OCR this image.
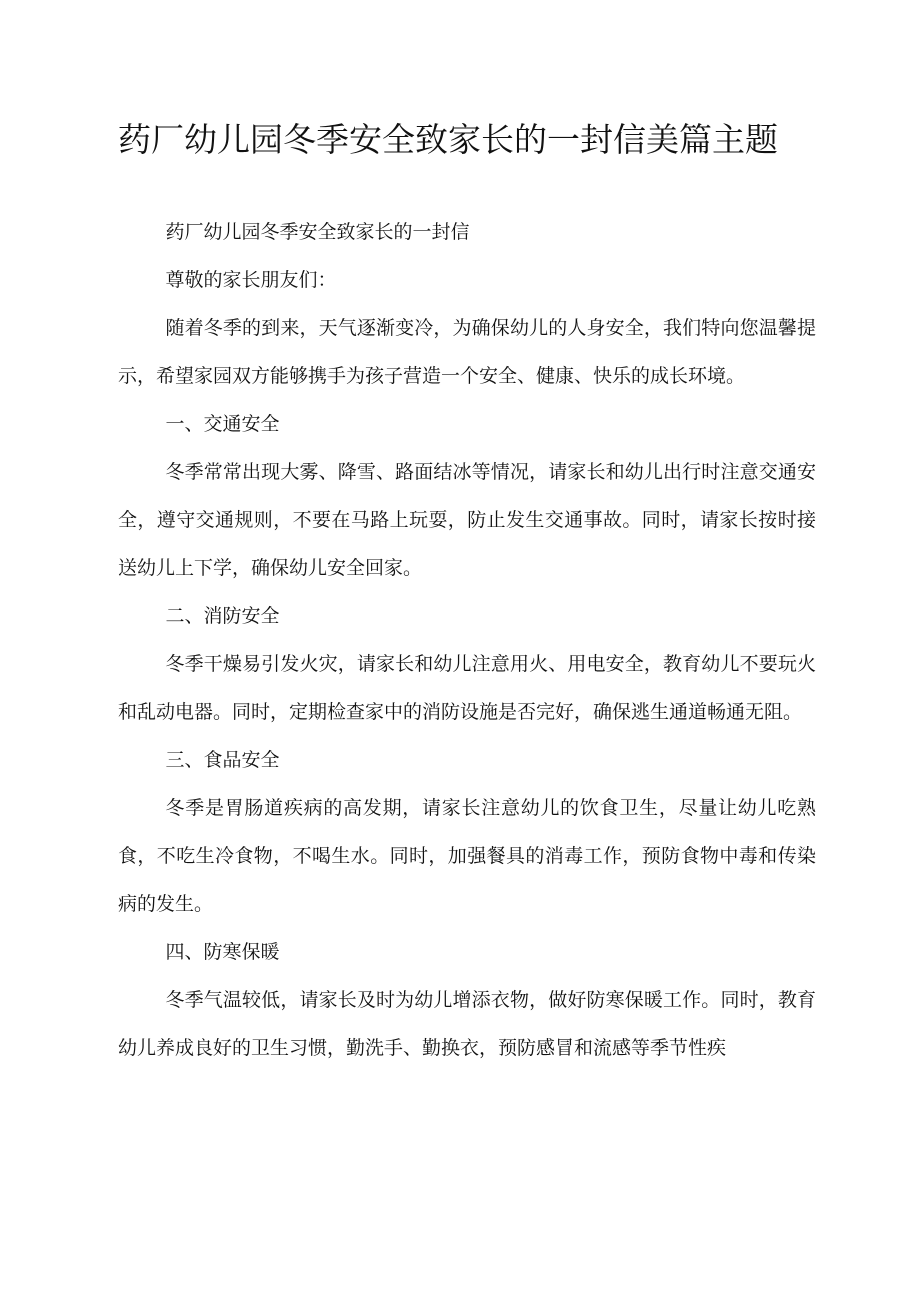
药厂幼儿园冬季安全致家长的一封信美篇主题

药厂幼儿园冬季安全致家长的一封信

尊敬的家长朋友们：

随着冬季的到来，天气逐渐变冷，为确保幼儿的人身安全，我们特向您温馨提示，希望家园双方能够携手为孩子营造一个安全、健康、快乐的成长环境。

一、交通安全

冬季常常出现大雾、降雪、路面结冰等情况，请家长和幼儿出行时注意交通安全，遵守交通规则，不要在马路上玩耍，防止发生交通事故。同时，请家长按时接送幼儿上下学，确保幼儿安全回家。

二、消防安全

冬季干燥易引发火灾，请家长和幼儿注意用火、用电安全，教育幼儿不要玩火和乱动电器。同时，定期检查家中的消防设施是否完好，确保逃生通道畅通无阻。

三、食品安全

冬季是胃肠道疾病的高发期，请家长注意幼儿的饮食卫生，尽量让幼儿吃熟食，不吃生冷食物，不喝生水。同时，加强餐具的消毒工作，预防食物中毒和传染病的发生。

四、防寒保暖

冬季气温较低，请家长及时为幼儿增添衣物，做好防寒保暖工作。同时，教育幼儿养成良好的卫生习惯，勤洗手、勤换衣，预防感冒和流感等季节性疾
